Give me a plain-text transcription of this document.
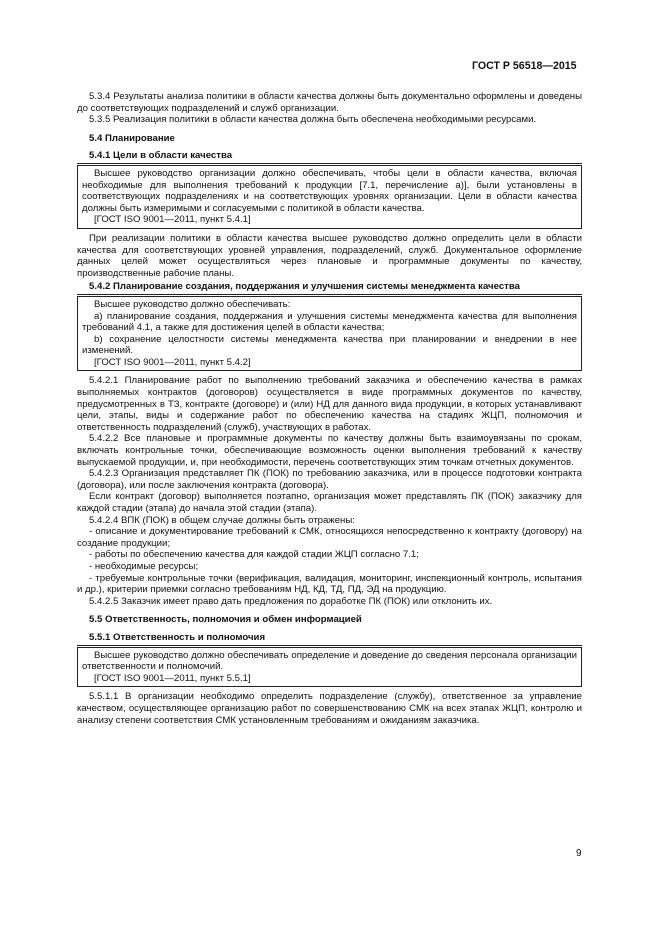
ГОСТ Р 56518—2015

5.3.4 Результаты анализа политики в области качества должны быть документально оформлены и доведены до соответствующих подразделений и служб организации.

5.3.5 Реализация политики в области качества должна быть обеспечена необходимыми ресурсами.

5.4 Планирование
5.4.1 Цели в области качества

Высшее руководство организации должно обеспечивать, чтобы цели в области качества, включая необходимые для выполнения требований к продукции [7.1, перечисление а)], были установлены в соответствующих подразделениях и на соответствующих уровнях организации. Цели в области качества должны быть измеримыми и согласуемыми с политикой в области качества.

[ГОСТ ISO 9001—2011, пункт 5.4.1]

При реализации политики в области качества высшее руководство должно определить цели в области качества для соответствующих уровней управления, подразделений, служб. Документальное оформление данных целей может осуществляться через плановые и программные документы по качеству, производственные рабочие планы.

5.4.2 Планирование создания, поддержания и улучшения системы менеджмента качества

Высшее руководство должно обеспечивать:

а) планирование создания, поддержания и улучшения системы менеджмента качества для выполнения требований 4.1, а также для достижения целей в области качества;

b) сохранение целостности системы менеджмента качества при планировании и внедрении в нее изменений.

[ГОСТ ISO 9001—2011, пункт 5.4.2]

5.4.2.1 Планирование работ по выполнению требований заказчика и обеспечению качества в рамках выполняемых контрактов (договоров) осуществляется в виде программных документов по качеству, предусмотренных в ТЗ, контракте (договоре) и (или) НД для данного вида продукции, в которых устанавливают цели, этапы, виды и содержание работ по обеспечению качества на стадиях ЖЦП, полномочия и ответственность подразделений (служб), участвующих в работах.

5.4.2.2 Все плановые и программные документы по качеству должны быть взаимоувязаны по срокам, включать контрольные точки, обеспечивающие возможность оценки выполнения требований к качеству выпускаемой продукции, и, при необходимости, перечень соответствующих этим точкам отчетных документов.

5.4.2.3 Организация представляет ПК (ПОК) по требованию заказчика, или в процессе подготовки контракта (договора), или после заключения контракта (договора).

Если контракт (договор) выполняется поэтапно, организация может представлять ПК (ПОК) заказчику для каждой стадии (этапа) до начала этой стадии (этапа).

5.4.2.4 ВПК (ПОК) в общем случае должны быть отражены:

- описание и документирование требований к СМК, относящихся непосредственно к контракту (договору) на создание продукции;

- работы по обеспечению качества для каждой стадии ЖЦП согласно 7.1;

- необходимые ресурсы;

- требуемые контрольные точки (верификация, валидация, мониторинг, инспекционный контроль, испытания и др.), критерии приемки согласно требованиям НД, КД, ТД, ПД, ЭД на продукцию.

5.4.2.5 Заказчик имеет право дать предложения по доработке ПК (ПОК) или отклонить их.

5.5 Ответственность, полномочия и обмен информацией
5.5.1 Ответственность и полномочия

Высшее руководство должно обеспечивать определение и доведение до сведения персонала организации ответственности и полномочий.

[ГОСТ ISO 9001—2011, пункт 5.5.1]

5.5.1.1 В организации необходимо определить подразделение (службу), ответственное за управление качеством, осуществляющее организацию работ по совершенствованию СМК на всех этапах ЖЦП, контролю и анализу степени соответствия СМК установленным требованиям и ожиданиям заказчика.

9
